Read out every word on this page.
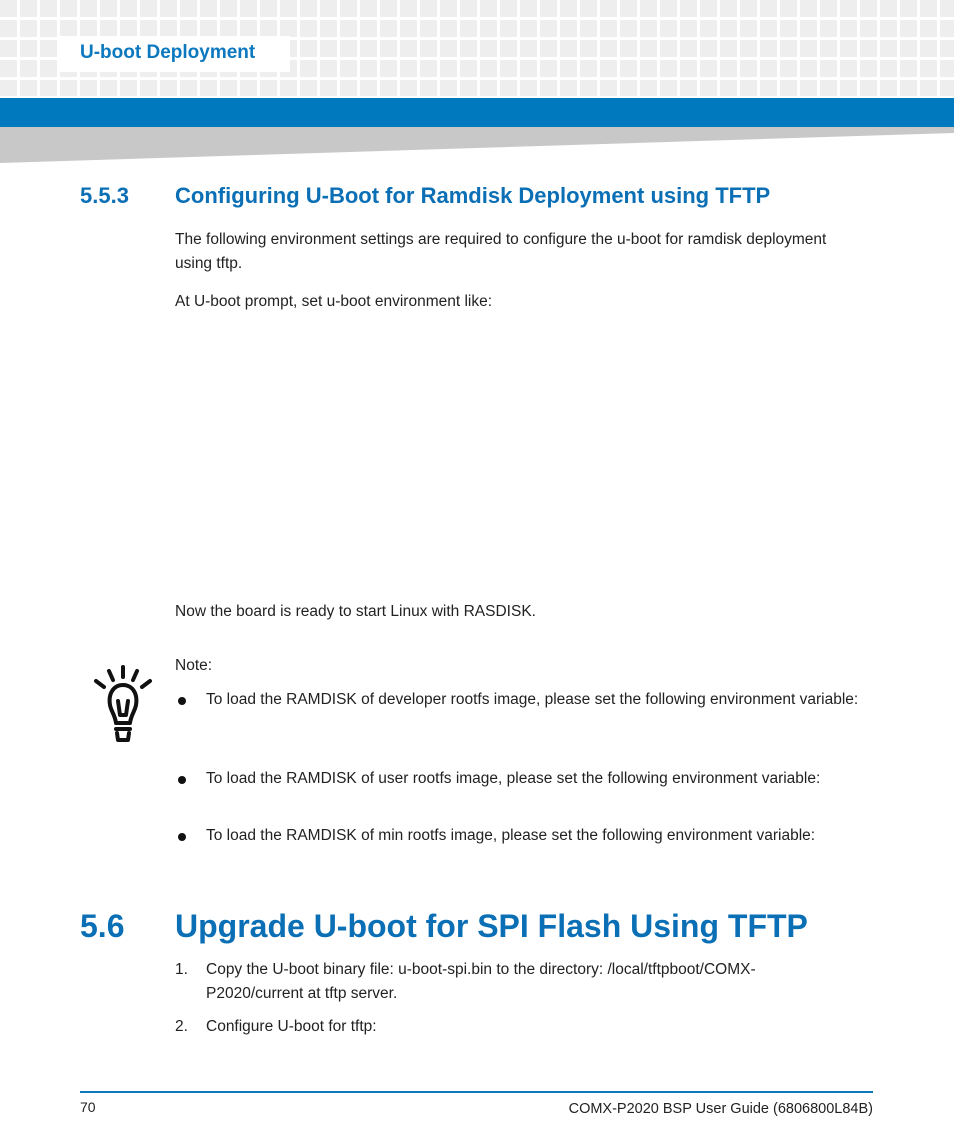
U-boot Deployment
5.5.3 Configuring U-Boot for Ramdisk Deployment using TFTP
The following environment settings are required to configure the u-boot for ramdisk deployment using tftp.
At U-boot prompt, set u-boot environment like:
Now the board is ready to start Linux with RASDISK.
Note:
To load the RAMDISK of developer rootfs image, please set the following environment variable:
To load the RAMDISK of user rootfs image, please set the following environment variable:
To load the RAMDISK of min rootfs image, please set the following environment variable:
5.6 Upgrade U-boot for SPI Flash Using TFTP
1. Copy the U-boot binary file: u-boot-spi.bin to the directory: /local/tftpboot/COMX-P2020/current at tftp server.
2. Configure U-boot for tftp:
70	COMX-P2020 BSP User Guide (6806800L84B)
